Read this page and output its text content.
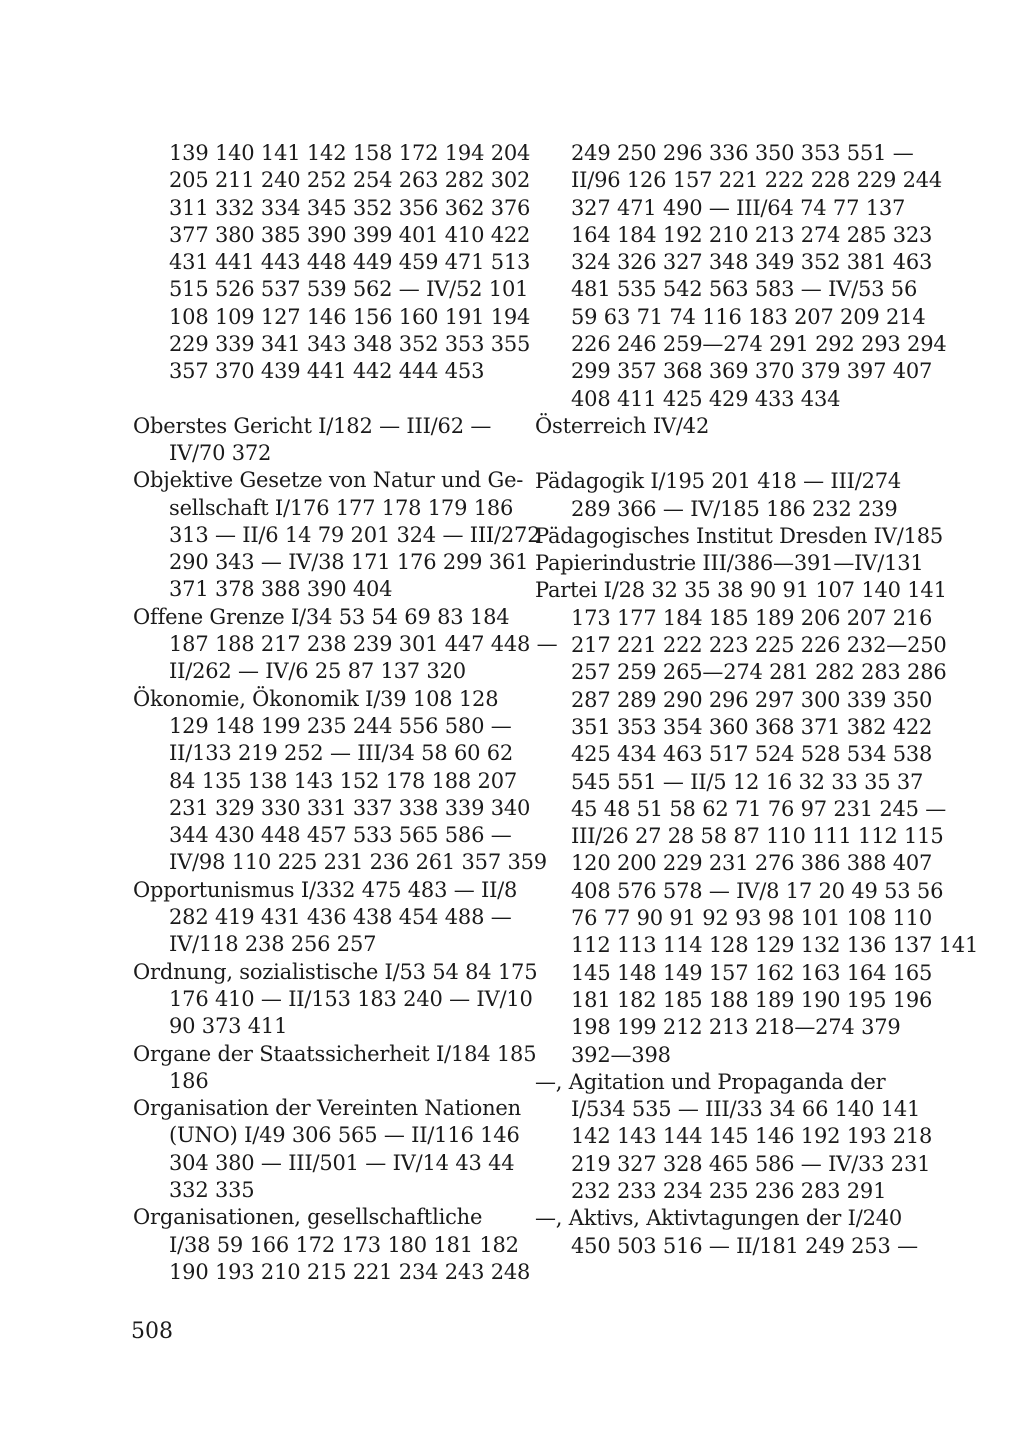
139 140 141 142 158 172 194 204
205 211 240 252 254 263 282 302
311 332 334 345 352 356 362 376
377 380 385 390 399 401 410 422
431 441 443 448 449 459 471 513
515 526 537 539 562 — IV/52 101
108 109 127 146 156 160 191 194
229 339 341 343 348 352 353 355
357 370 439 441 442 444 453
Oberstes Gericht I/182 — III/62 —
IV/70 372
Objektive Gesetze von Natur und Ge-
sellschaft I/176 177 178 179 186
313 — II/6 14 79 201 324 — III/272
290 343 — IV/38 171 176 299 361
371 378 388 390 404
Offene Grenze I/34 53 54 69 83 184
187 188 217 238 239 301 447 448 —
II/262 — IV/6 25 87 137 320
Ökonomie, Ökonomik I/39 108 128
129 148 199 235 244 556 580 —
II/133 219 252 — III/34 58 60 62
84 135 138 143 152 178 188 207
231 329 330 331 337 338 339 340
344 430 448 457 533 565 586 —
IV/98 110 225 231 236 261 357 359
Opportunismus I/332 475 483 — II/8
282 419 431 436 438 454 488 —
IV/118 238 256 257
Ordnung, sozialistische I/53 54 84 175
176 410 — II/153 183 240 — IV/10
90 373 411
Organe der Staatssicherheit I/184 185
186
Organisation der Vereinten Nationen
(UNO) I/49 306 565 — II/116 146
304 380 — III/501 — IV/14 43 44
332 335
Organisationen, gesellschaftliche
I/38 59 166 172 173 180 181 182
190 193 210 215 221 234 243 248
249 250 296 336 350 353 551 —
II/96 126 157 221 222 228 229 244
327 471 490 — III/64 74 77 137
164 184 192 210 213 274 285 323
324 326 327 348 349 352 381 463
481 535 542 563 583 — IV/53 56
59 63 71 74 116 183 207 209 214
226 246 259—274 291 292 293 294
299 357 368 369 370 379 397 407
408 411 425 429 433 434
Österreich IV/42
Pädagogik I/195 201 418 — III/274
289 366 — IV/185 186 232 239
Pädagogisches Institut Dresden IV/185
Papierindustrie III/386—391—IV/131
Partei I/28 32 35 38 90 91 107 140 141
173 177 184 185 189 206 207 216
217 221 222 223 225 226 232—250
257 259 265—274 281 282 283 286
287 289 290 296 297 300 339 350
351 353 354 360 368 371 382 422
425 434 463 517 524 528 534 538
545 551 — II/5 12 16 32 33 35 37
45 48 51 58 62 71 76 97 231 245 —
III/26 27 28 58 87 110 111 112 115
120 200 229 231 276 386 388 407
408 576 578 — IV/8 17 20 49 53 56
76 77 90 91 92 93 98 101 108 110
112 113 114 128 129 132 136 137 141
145 148 149 157 162 163 164 165
181 182 185 188 189 190 195 196
198 199 212 213 218—274 379
392—398
—, Agitation und Propaganda der
I/534 535 — III/33 34 66 140 141
142 143 144 145 146 192 193 218
219 327 328 465 586 — IV/33 231
232 233 234 235 236 283 291
—, Aktivs, Aktivtagungen der I/240
450 503 516 — II/181 249 253 —
508
